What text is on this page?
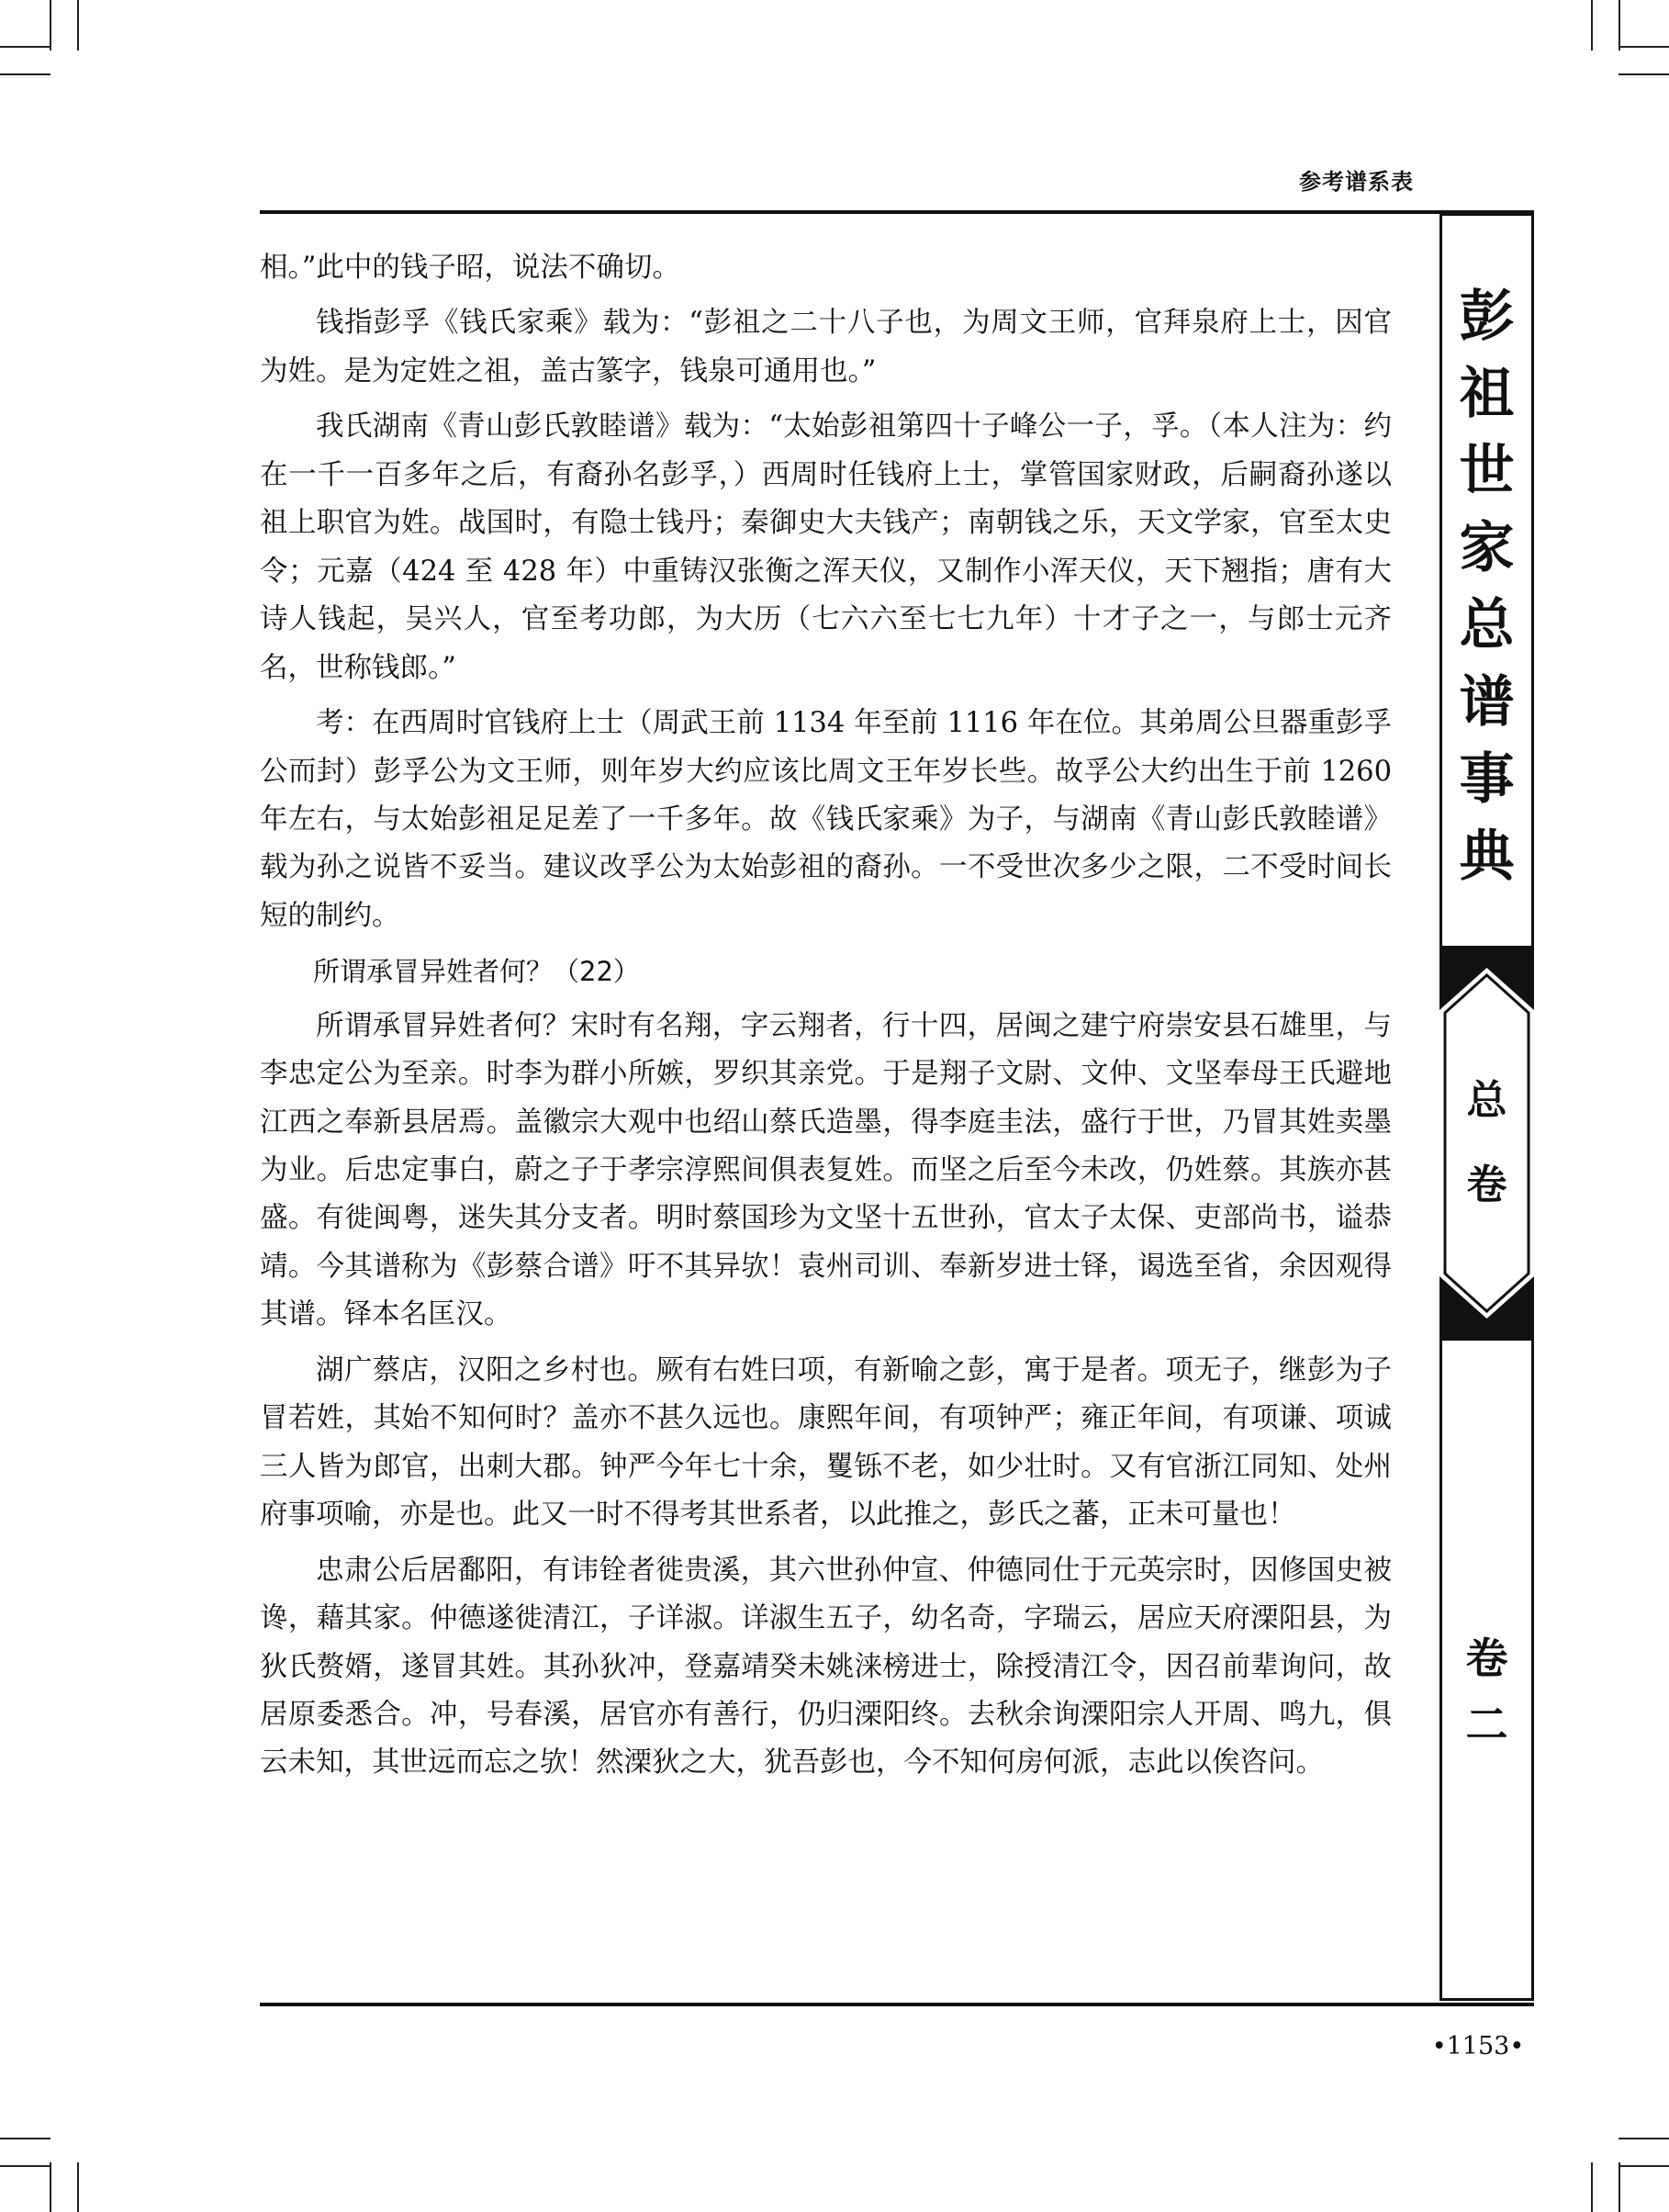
参考谱系表

相。”此中的钱子昭，说法不确切。

钱指彭孚《钱氏家乘》载为：“彭祖之二十八子也，为周文王师，官拜泉府上士，因官为姓。是为定姓之祖，盖古篆字，钱泉可通用也。”

我氏湖南《青山彭氏敦睦谱》载为：“太始彭祖第四十子峰公一子，孚。（本人注为：约在一千一百多年之后，有裔孙名彭孚，）西周时任钱府上士，掌管国家财政，后嗣裔孙遂以祖上职官为姓。战国时，有隐士钱丹；秦御史大夫钱产；南朝钱之乐，天文学家，官至太史令；元嘉（424 至 428 年）中重铸汉张衡之浑天仪，又制作小浑天仪，天下翘指；唐有大诗人钱起，吴兴人，官至考功郎，为大历（七六六至七七九年）十才子之一，与郎士元齐名，世称钱郎。”

考：在西周时官钱府上士（周武王前 1134 年至前 1116 年在位。其弟周公旦器重彭孚公而封）彭孚公为文王师，则年岁大约应该比周文王年岁长些。故孚公大约出生于前 1260 年左右，与太始彭祖足足差了一千多年。故《钱氏家乘》为子，与湖南《青山彭氏敦睦谱》载为孙之说皆不妥当。建议改孚公为太始彭祖的裔孙。一不受世次多少之限，二不受时间长短的制约。

所谓承冒异姓者何？（22）

所谓承冒异姓者何？宋时有名翔，字云翔者，行十四，居闽之建宁府崇安县石雄里，与李忠定公为至亲。时李为群小所嫉，罗织其亲党。于是翔子文尉、文仲、文坚奉母王氏避地江西之奉新县居焉。盖徽宗大观中也绍山蔡氏造墨，得李庭圭法，盛行于世，乃冒其姓卖墨为业。后忠定事白，蔚之子于孝宗淳熙间俱表复姓。而坚之后至今未改，仍姓蔡。其族亦甚盛。有徙闽粤，迷失其分支者。明时蔡国珍为文坚十五世孙，官太子太保、吏部尚书，谥恭靖。今其谱称为《彭蔡合谱》吁不其异欤！袁州司训、奉新岁进士铎，谒选至省，余因观得其谱。铎本名匡汉。

湖广蔡店，汉阳之乡村也。厥有右姓曰项，有新喻之彭，寓于是者。项无子，继彭为子冒若姓，其始不知何时？盖亦不甚久远也。康熙年间，有项钟严；雍正年间，有项谦、项诚三人皆为郎官，出刺大郡。钟严今年七十余，矍铄不老，如少壮时。又有官浙江同知、处州府事项喻，亦是也。此又一时不得考其世系者，以此推之，彭氏之蕃，正未可量也！

忠肃公后居鄱阳，有讳铨者徙贵溪，其六世孙仲宣、仲德同仕于元英宗时，因修国史被谗，藉其家。仲德遂徙清江，子详淑。详淑生五子，幼名奇，字瑞云，居应天府溧阳县，为狄氏赘婿，遂冒其姓。其孙狄冲，登嘉靖癸未姚涞榜进士，除授清江令，因召前辈询问，故居原委悉合。冲，号春溪，居官亦有善行，仍归溧阳终。去秋余询溧阳宗人开周、鸣九，俱云未知，其世远而忘之欤！然溧狄之大，犹吾彭也，今不知何房何派，志此以俟咨问。

彭
祖
世
家
总
谱
事
典
总
卷
卷
二
•1153•
